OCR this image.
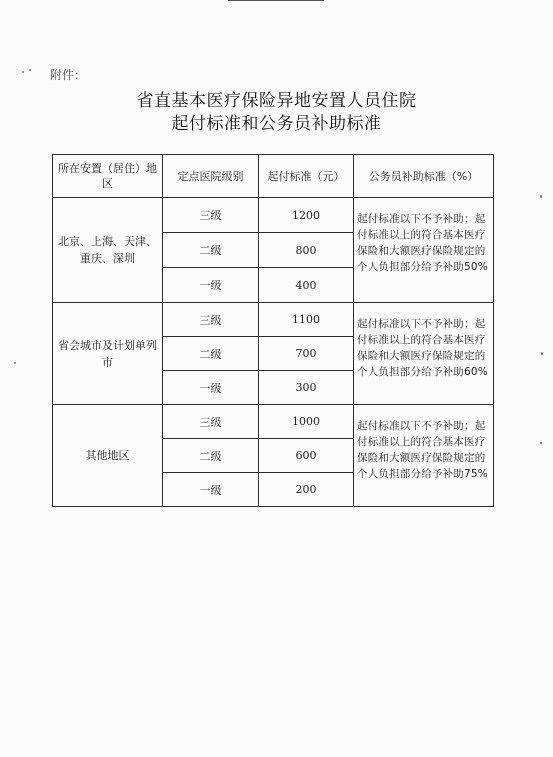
附件：
省直基本医疗保险异地安置人员住院
起付标准和公务员补助标准
所在安置（居住）地区	定点医院级别	起付标准（元）	公务员补助标准（%）
北京、上海、天津、重庆、深圳	三级	1200	起付标准以下不予补助；起付标准以上的符合基本医疗保险和大额医疗保险规定的个人负担部分给予补助50%
	二级	800	
	一级	400	
省会城市及计划单列市	三级	1100	起付标准以下不予补助；起付标准以上的符合基本医疗保险和大额医疗保险规定的个人负担部分给予补助60%
	二级	700	
	一级	300	
其他地区	三级	1000	起付标准以下不予补助；起付标准以上的符合基本医疗保险和大额医疗保险规定的个人负担部分给予补助75%
	二级	600	
	一级	200	
